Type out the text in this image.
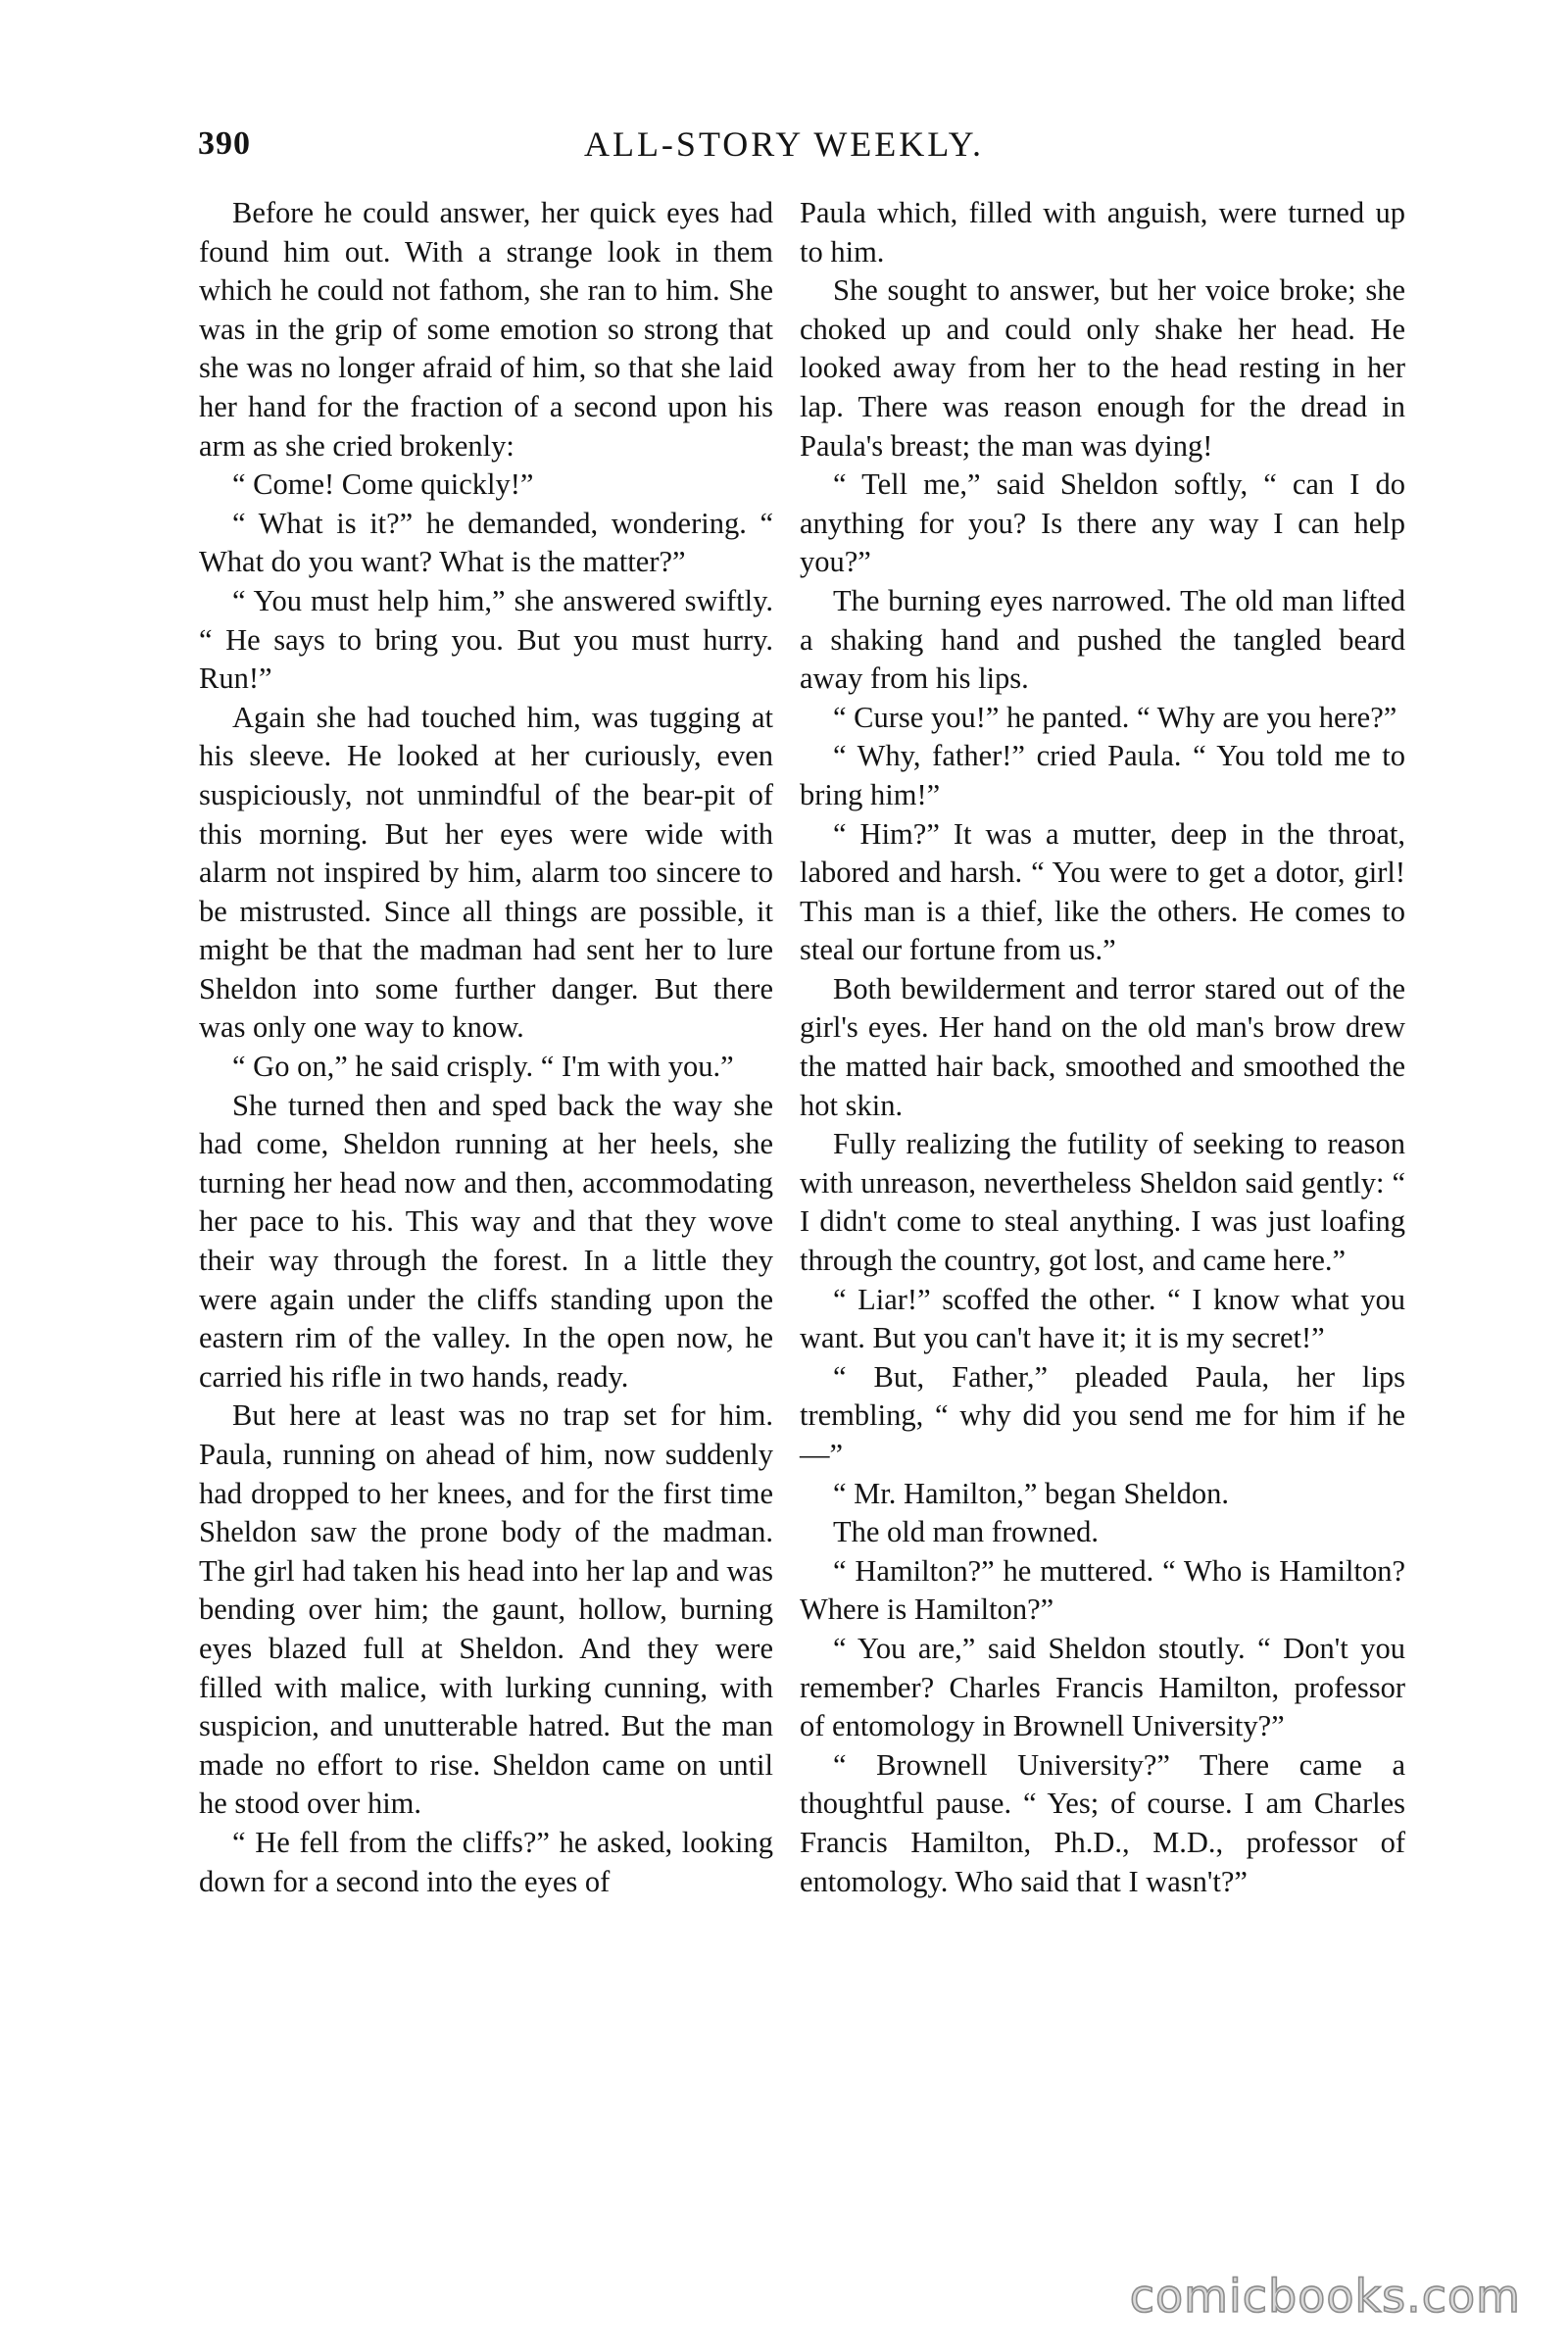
390	ALL-STORY WEEKLY.

Before he could answer, her quick eyes had found him out. With a strange look in them which he could not fathom, she ran to him. She was in the grip of some emotion so strong that she was no longer afraid of him, so that she laid her hand for the fraction of a second upon his arm as she cried brokenly:

“ Come! Come quickly!”

“ What is it?” he demanded, wondering. “ What do you want? What is the matter?”

“ You must help him,” she answered swiftly. “ He says to bring you. But you must hurry. Run!”

Again she had touched him, was tugging at his sleeve. He looked at her curiously, even suspiciously, not unmindful of the bear-pit of this morning. But her eyes were wide with alarm not inspired by him, alarm too sincere to be mistrusted. Since all things are possible, it might be that the madman had sent her to lure Sheldon into some further danger. But there was only one way to know.

“ Go on,” he said crisply. “ I'm with you.”

She turned then and sped back the way she had come, Sheldon running at her heels, she turning her head now and then, accommodating her pace to his. This way and that they wove their way through the forest. In a little they were again under the cliffs standing upon the eastern rim of the valley. In the open now, he carried his rifle in two hands, ready.

But here at least was no trap set for him. Paula, running on ahead of him, now suddenly had dropped to her knees, and for the first time Sheldon saw the prone body of the madman. The girl had taken his head into her lap and was bending over him; the gaunt, hollow, burning eyes blazed full at Sheldon. And they were filled with malice, with lurking cunning, with suspicion, and unutterable hatred. But the man made no effort to rise. Sheldon came on until he stood over him.

“ He fell from the cliffs?” he asked, looking down for a second into the eyes of

Paula which, filled with anguish, were turned up to him.

She sought to answer, but her voice broke; she choked up and could only shake her head. He looked away from her to the head resting in her lap. There was reason enough for the dread in Paula's breast; the man was dying!

“ Tell me,” said Sheldon softly, “ can I do anything for you? Is there any way I can help you?”

The burning eyes narrowed. The old man lifted a shaking hand and pushed the tangled beard away from his lips.

“ Curse you!” he panted. “ Why are you here?”

“ Why, father!” cried Paula. “ You told me to bring him!”

“ Him?” It was a mutter, deep in the throat, labored and harsh. “ You were to get a dotor, girl! This man is a thief, like the others. He comes to steal our fortune from us.”

Both bewilderment and terror stared out of the girl's eyes. Her hand on the old man's brow drew the matted hair back, smoothed and smoothed the hot skin.

Fully realizing the futility of seeking to reason with unreason, nevertheless Sheldon said gently: “ I didn't come to steal anything. I was just loafing through the country, got lost, and came here.”

“ Liar!” scoffed the other. “ I know what you want. But you can't have it; it is my secret!”

“ But, Father,” pleaded Paula, her lips trembling, “ why did you send me for him if he—”

“ Mr. Hamilton,” began Sheldon.

The old man frowned.

“ Hamilton?” he muttered. “ Who is Hamilton? Where is Hamilton?”

“ You are,” said Sheldon stoutly. “ Don't you remember? Charles Francis Hamilton, professor of entomology in Brownell University?”

“ Brownell University?” There came a thoughtful pause. “ Yes; of course. I am Charles Francis Hamilton, Ph.D., M.D., professor of entomology. Who said that I wasn't?”

comicbooks.com
